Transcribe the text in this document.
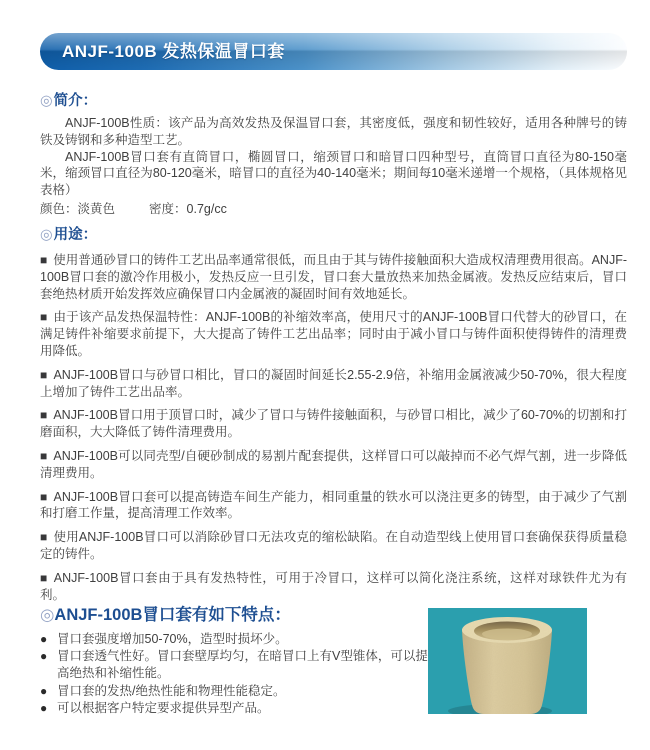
ANJF-100B 发热保温冒口套

◎简介：

ANJF-100B性质：该产品为高效发热及保温冒口套，其密度低，强度和韧性较好，适用各种牌号的铸铁及铸钢和多种造型工艺。

ANJF-100B冒口套有直筒冒口，椭圆冒口，缩颈冒口和暗冒口四种型号，直筒冒口直径为80-150毫米，缩颈冒口直径为80-120毫米，暗冒口的直径为40-140毫米；期间每10毫米递增一个规格，（具体规格见表格）

颜色：淡黄色	密度：0.7g/cc

◎用途：

■ 使用普通砂冒口的铸件工艺出品率通常很低，而且由于其与铸件接触面积大造成权清理费用很高。ANJF-100B冒口套的激冷作用极小，发热反应一旦引发，冒口套大量放热来加热金属液。发热反应结束后，冒口套绝热材质开始发挥效应确保冒口内金属液的凝固时间有效地延长。

■ 由于该产品发热保温特性：ANJF-100B的补缩效率高，使用尺寸的ANJF-100B冒口代替大的砂冒口，在满足铸件补缩要求前提下，大大提高了铸件工艺出品率；同时由于减小冒口与铸件面积使得铸件的清理费用降低。

■ ANJF-100B冒口与砂冒口相比，冒口的凝固时间延长2.55-2.9倍，补缩用金属液减少50-70%，很大程度上增加了铸件工艺出品率。

■ ANJF-100B冒口用于顶冒口时，减少了冒口与铸件接触面积，与砂冒口相比，减少了60-70%的切割和打磨面积，大大降低了铸件清理费用。

■ ANJF-100B可以同壳型/自硬砂制成的易割片配套提供，这样冒口可以敲掉而不必气焊气割，进一步降低清理费用。

■ ANJF-100B冒口套可以提高铸造车间生产能力，相同重量的铁水可以浇注更多的铸型，由于减少了气割和打磨工作量，提高清理工作效率。

■ 使用ANJF-100B冒口可以消除砂冒口无法攻克的缩松缺陷。在自动造型线上使用冒口套确保获得质量稳定的铸件。

■ ANJF-100B冒口套由于具有发热特性，可用于冷冒口，这样可以简化浇注系统，这样对球铁件尤为有利。

◎ANJF-100B冒口套有如下特点：

● 冒口套强度增加50-70%，造型时损坏少。
● 冒口套透气性好。冒口套壁厚均匀，在暗冒口上有V型锥体，可以提高绝热和补缩性能。
● 冒口套的发热/绝热性能和物理性能稳定。
● 可以根据客户特定要求提供异型产品。
